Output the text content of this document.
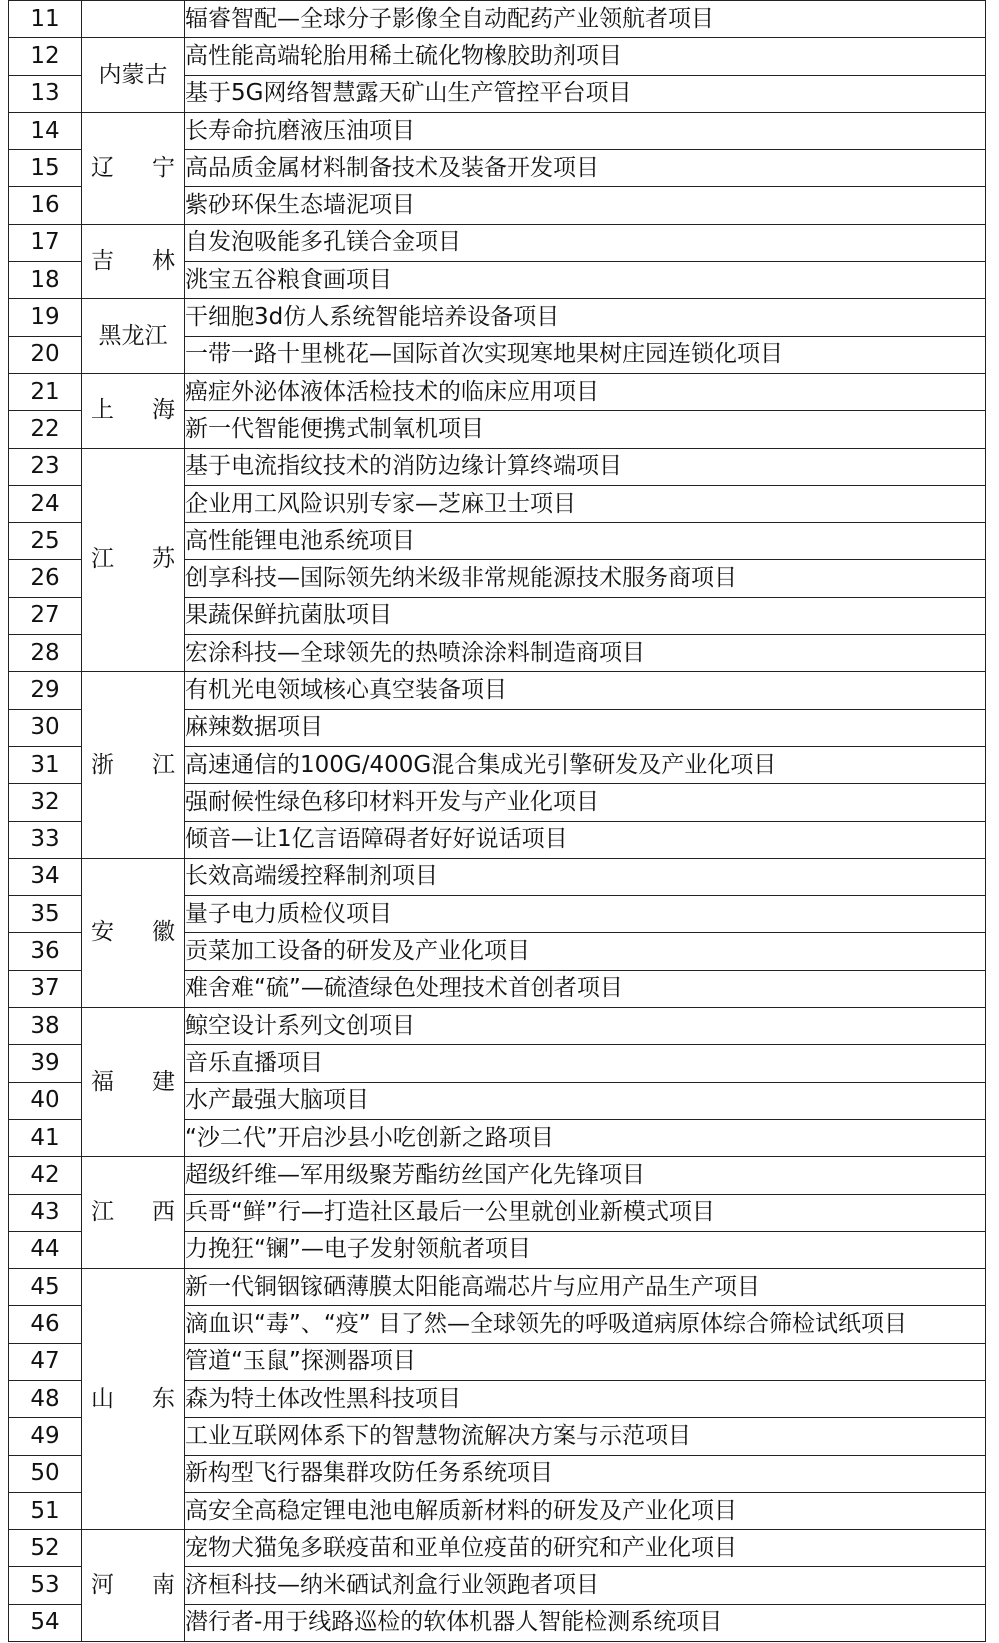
11		辐睿智配—全球分子影像全自动配药产业领航者项目
12	内蒙古	高性能高端轮胎用稀土硫化物橡胶助剂项目
13		基于5G网络智慧露天矿山生产管控平台项目
14	辽宁	长寿命抗磨液压油项目
15		高品质金属材料制备技术及装备开发项目
16		紫砂环保生态墙泥项目
17	吉林	自发泡吸能多孔镁合金项目
18		洮宝五谷粮食画项目
19	黑龙江	干细胞3d仿人系统智能培养设备项目
20		一带一路十里桃花—国际首次实现寒地果树庄园连锁化项目
21	上海	癌症外泌体液体活检技术的临床应用项目
22		新一代智能便携式制氧机项目
23	江苏	基于电流指纹技术的消防边缘计算终端项目
24		企业用工风险识别专家—芝麻卫士项目
25		高性能锂电池系统项目
26		创享科技—国际领先纳米级非常规能源技术服务商项目
27		果蔬保鲜抗菌肽项目
28		宏涂科技—全球领先的热喷涂涂料制造商项目
29	浙江	有机光电领域核心真空装备项目
30		麻辣数据项目
31		高速通信的100G/400G混合集成光引擎研发及产业化项目
32		强耐候性绿色移印材料开发与产业化项目
33		倾音—让1亿言语障碍者好好说话项目
34	安徽	长效高端缓控释制剂项目
35		量子电力质检仪项目
36		贡菜加工设备的研发及产业化项目
37		难舍难“硫”—硫渣绿色处理技术首创者项目
38	福建	鲸空设计系列文创项目
39		音乐直播项目
40		水产最强大脑项目
41		“沙二代”开启沙县小吃创新之路项目
42	江西	超级纤维—军用级聚芳酯纺丝国产化先锋项目
43		兵哥“鲜”行—打造社区最后一公里就创业新模式项目
44		力挽狂“镧”—电子发射领航者项目
45	山东	新一代铜铟镓硒薄膜太阳能高端芯片与应用产品生产项目
46		滴血识“毒”、“疫” 目了然—全球领先的呼吸道病原体综合筛检试纸项目
47		管道“玉鼠”探测器项目
48		森为特土体改性黑科技项目
49		工业互联网体系下的智慧物流解决方案与示范项目
50		新构型飞行器集群攻防任务系统项目
51		高安全高稳定锂电池电解质新材料的研发及产业化项目
52	河南	宠物犬猫兔多联疫苗和亚单位疫苗的研究和产业化项目
53		济桓科技—纳米硒试剂盒行业领跑者项目
54		潜行者-用于线路巡检的软体机器人智能检测系统项目
